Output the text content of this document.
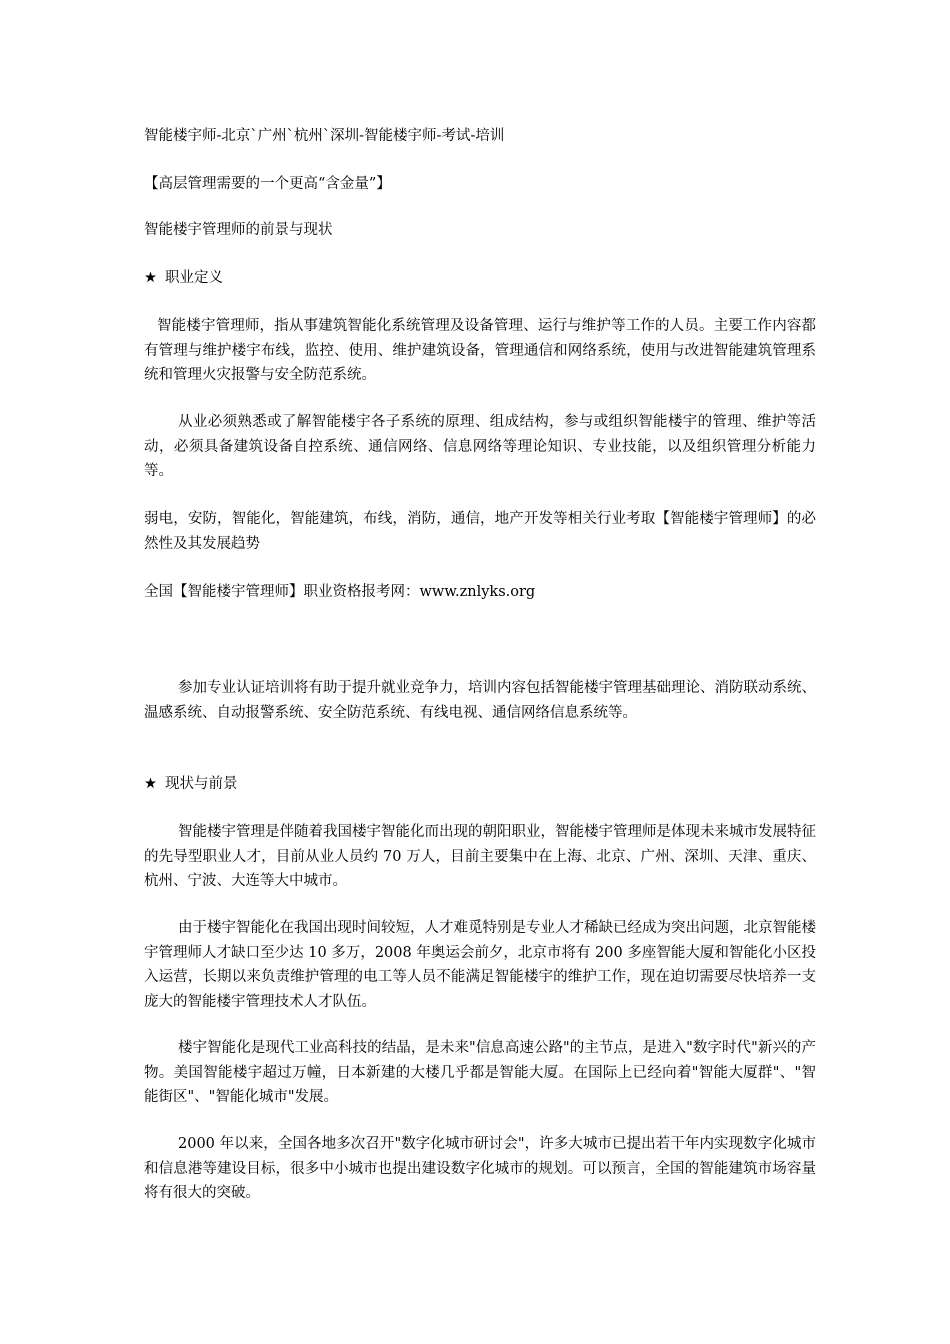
智能楼宇师-北京`广州`杭州`深圳-智能楼宇师-考试-培训
【高层管理需要的一个更高“含金量”】
智能楼宇管理师的前景与现状
★ 职业定义
智能楼宇管理师，指从事建筑智能化系统管理及设备管理、运行与维护等工作的人员。主要工作内容都有管理与维护楼宇布线，监控、使用、维护建筑设备，管理通信和网络系统，使用与改进智能建筑管理系统和管理火灾报警与安全防范系统。
从业必须熟悉或了解智能楼宇各子系统的原理、组成结构，参与或组织智能楼宇的管理、维护等活动，必须具备建筑设备自控系统、通信网络、信息网络等理论知识、专业技能，以及组织管理分析能力等。
弱电，安防，智能化，智能建筑，布线，消防，通信，地产开发等相关行业考取【智能楼宇管理师】的必然性及其发展趋势
全国【智能楼宇管理师】职业资格报考网：www.znlyks.org
参加专业认证培训将有助于提升就业竞争力，培训内容包括智能楼宇管理基础理论、消防联动系统、温感系统、自动报警系统、安全防范系统、有线电视、通信网络信息系统等。
★ 现状与前景
智能楼宇管理是伴随着我国楼宇智能化而出现的朝阳职业，智能楼宇管理师是体现未来城市发展特征的先导型职业人才，目前从业人员约 70 万人，目前主要集中在上海、北京、广州、深圳、天津、重庆、杭州、宁波、大连等大中城市。
由于楼宇智能化在我国出现时间较短，人才难觅特别是专业人才稀缺已经成为突出问题，北京智能楼宇管理师人才缺口至少达 10 多万，2008 年奥运会前夕，北京市将有 200 多座智能大厦和智能化小区投入运营，长期以来负责维护管理的电工等人员不能满足智能楼宇的维护工作，现在迫切需要尽快培养一支庞大的智能楼宇管理技术人才队伍。
楼宇智能化是现代工业高科技的结晶，是未来"信息高速公路"的主节点，是进入"数字时代"新兴的产物。美国智能楼宇超过万幢，日本新建的大楼几乎都是智能大厦。在国际上已经向着"智能大厦群"、"智能街区"、"智能化城市"发展。
2000 年以来，全国各地多次召开"数字化城市研讨会"，许多大城市已提出若干年内实现数字化城市和信息港等建设目标，很多中小城市也提出建设数字化城市的规划。可以预言，全国的智能建筑市场容量将有很大的突破。
